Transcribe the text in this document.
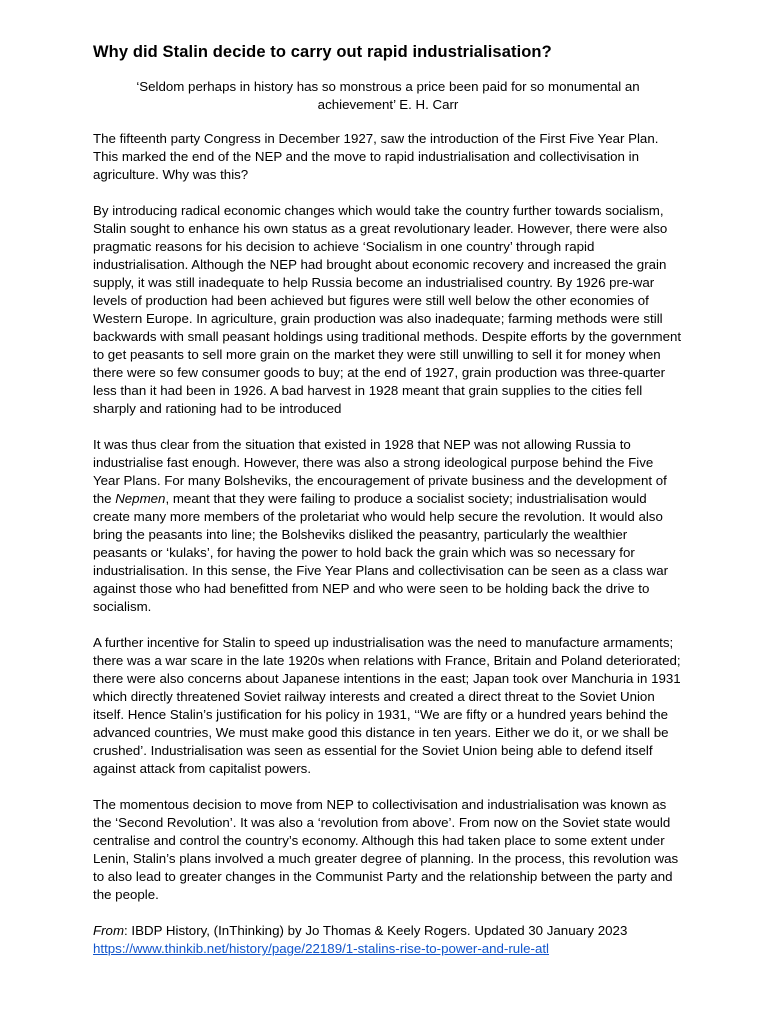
Why did Stalin decide to carry out rapid industrialisation?

‘Seldom perhaps in history has so monstrous a price been paid for so monumental an achievement’ E. H. Carr

The fifteenth party Congress in December 1927, saw the introduction of the First Five Year Plan. This marked the end of the NEP and the move to rapid industrialisation and collectivisation in agriculture. Why was this?

By introducing radical economic changes which would take the country further towards socialism, Stalin sought to enhance his own status as a great revolutionary leader. However, there were also pragmatic reasons for his decision to achieve ‘Socialism in one country’ through rapid industrialisation. Although the NEP had brought about economic recovery and increased the grain supply, it was still inadequate to help Russia become an industrialised country. By 1926 pre-war levels of production had been achieved but figures were still well below the other economies of Western Europe. In agriculture, grain production was also inadequate; farming methods were still backwards with small peasant holdings using traditional methods. Despite efforts by the government to get peasants to sell more grain on the market they were still unwilling to sell it for money when there were so few consumer goods to buy; at the end of 1927, grain production was three-quarter less than it had been in 1926. A bad harvest in 1928 meant that grain supplies to the cities fell sharply and rationing had to be introduced

It was thus clear from the situation that existed in 1928 that NEP was not allowing Russia to industrialise fast enough. However, there was also a strong ideological purpose behind the Five Year Plans. For many Bolsheviks, the encouragement of private business and the development of the Nepmen, meant that they were failing to produce a socialist society; industrialisation would create many more members of the proletariat who would help secure the revolution. It would also bring the peasants into line; the Bolsheviks disliked the peasantry, particularly the wealthier peasants or ‘kulaks’, for having the power to hold back the grain which was so necessary for industrialisation. In this sense, the Five Year Plans and collectivisation can be seen as a class war against those who had benefitted from NEP and who were seen to be holding back the drive to socialism.

A further incentive for Stalin to speed up industrialisation was the need to manufacture armaments; there was a war scare in the late 1920s when relations with France, Britain and Poland deteriorated; there were also concerns about Japanese intentions in the east; Japan took over Manchuria in 1931 which directly threatened Soviet railway interests and created a direct threat to the Soviet Union itself. Hence Stalin’s justification for his policy in 1931, ‘‘We are fifty or a hundred years behind the advanced countries, We must make good this distance in ten years. Either we do it, or we shall be crushed’. Industrialisation was seen as essential for the Soviet Union being able to defend itself against attack from capitalist powers.

The momentous decision to move from NEP to collectivisation and industrialisation was known as the ‘Second Revolution’. It was also a ‘revolution from above’. From now on the Soviet state would centralise and control the country’s economy. Although this had taken place to some extent under Lenin, Stalin’s plans involved a much greater degree of planning. In the process, this revolution was to also lead to greater changes in the Communist Party and the relationship between the party and the people.

From: IBDP History, (InThinking) by Jo Thomas & Keely Rogers. Updated 30 January 2023
https://www.thinkib.net/history/page/22189/1-stalins-rise-to-power-and-rule-atl
